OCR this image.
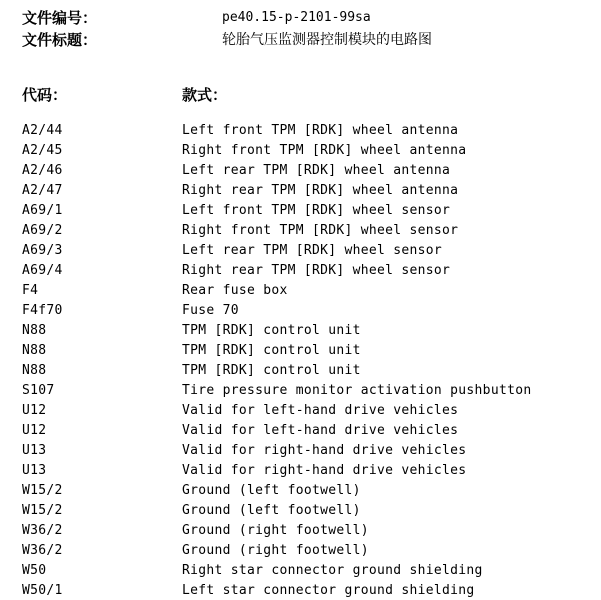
文件编号：	pe40.15-p-2101-99sa
文件标题：	轮胎气压监测器控制模块的电路图
代码：	款式：
A2/44	Left front TPM [RDK] wheel antenna
A2/45	Right front TPM [RDK] wheel antenna
A2/46	Left rear TPM [RDK] wheel antenna
A2/47	Right rear TPM [RDK] wheel antenna
A69/1	Left front TPM [RDK] wheel sensor
A69/2	Right front TPM [RDK] wheel sensor
A69/3	Left rear TPM [RDK] wheel sensor
A69/4	Right rear TPM [RDK] wheel sensor
F4	Rear fuse box
F4f70	Fuse 70
N88	TPM [RDK] control unit
N88	TPM [RDK] control unit
N88	TPM [RDK] control unit
S107	Tire pressure monitor activation pushbutton
U12	Valid for left-hand drive vehicles
U12	Valid for left-hand drive vehicles
U13	Valid for right-hand drive vehicles
U13	Valid for right-hand drive vehicles
W15/2	Ground (left footwell)
W15/2	Ground (left footwell)
W36/2	Ground (right footwell)
W36/2	Ground (right footwell)
W50	Right star connector ground shielding
W50/1	Left star connector ground shielding
